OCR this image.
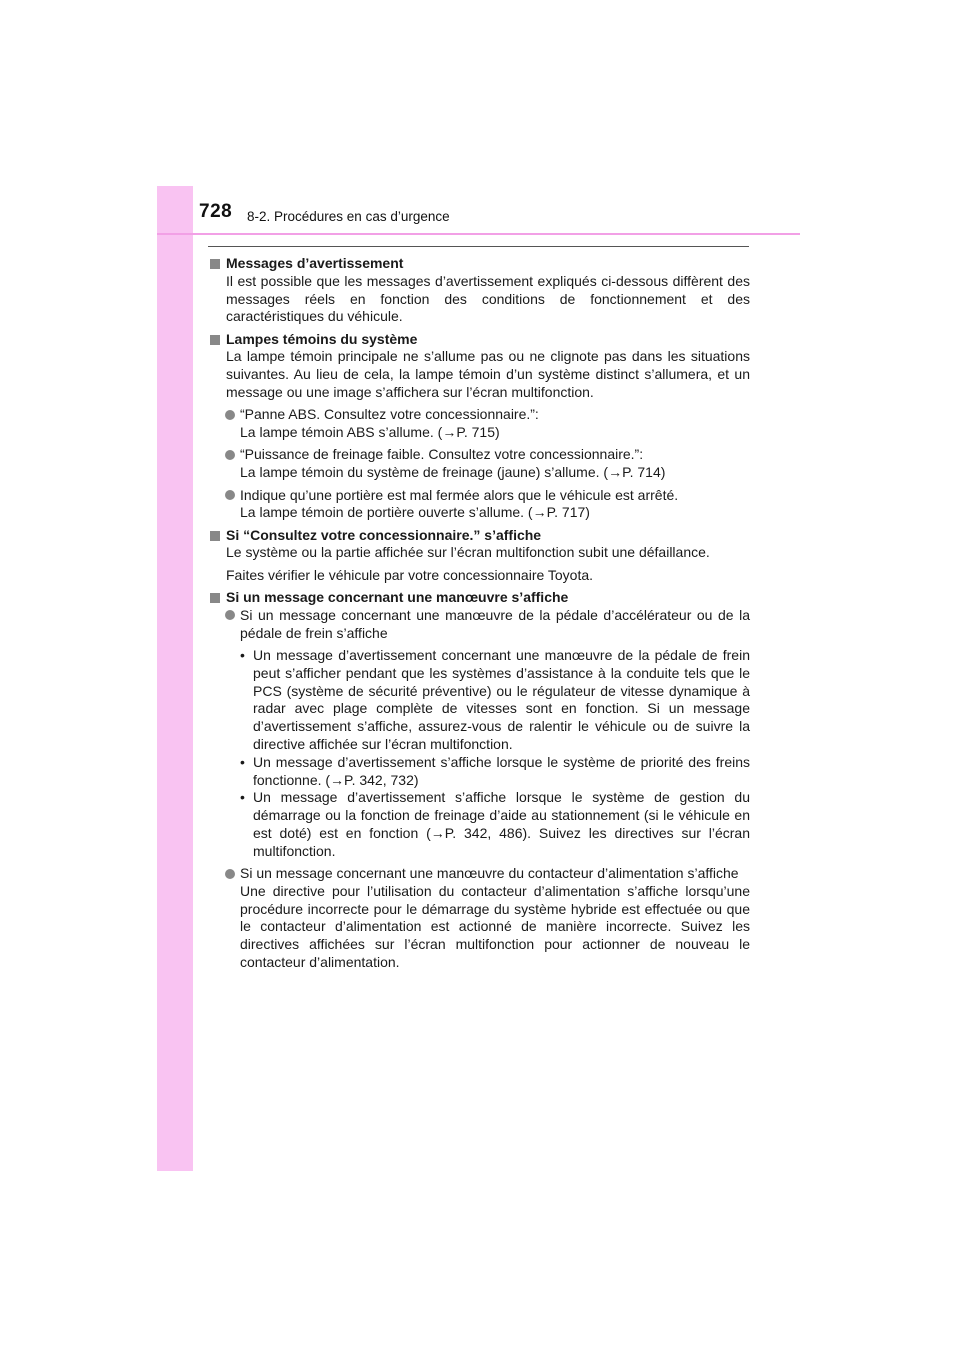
728 8-2. Procédures en cas d’urgence

Messages d’avertissement

Il est possible que les messages d’avertissement expliqués ci-dessous diffèrent des messages réels en fonction des conditions de fonctionnement et des caractéristiques du véhicule.

Lampes témoins du système

La lampe témoin principale ne s’allume pas ou ne clignote pas dans les situations suivantes. Au lieu de cela, la lampe témoin d’un système distinct s’allumera, et un message ou une image s’affichera sur l’écran multifonction.

“Panne ABS. Consultez votre concessionnaire.”:
La lampe témoin ABS s’allume. (→P. 715)
“Puissance de freinage faible. Consultez votre concessionnaire.”:
La lampe témoin du système de freinage (jaune) s’allume. (→P. 714)
Indique qu’une portière est mal fermée alors que le véhicule est arrêté.
La lampe témoin de portière ouverte s’allume. (→P. 717)

Si “Consultez votre concessionnaire.” s’affiche

Le système ou la partie affichée sur l’écran multifonction subit une défaillance.

Faites vérifier le véhicule par votre concessionnaire Toyota.

Si un message concernant une manœuvre s’affiche

Si un message concernant une manœuvre de la pédale d’accélérateur ou de la pédale de frein s’affiche
• Un message d’avertissement concernant une manœuvre de la pédale de frein peut s’afficher pendant que les systèmes d’assistance à la conduite tels que le PCS (système de sécurité préventive) ou le régulateur de vitesse dynamique à radar avec plage complète de vitesses sont en fonction. Si un message d’avertissement s’affiche, assurez-vous de ralentir le véhicule ou de suivre la directive affichée sur l’écran multifonction.
• Un message d’avertissement s’affiche lorsque le système de priorité des freins fonctionne. (→P. 342, 732)
• Un message d’avertissement s’affiche lorsque le système de gestion du démarrage ou la fonction de freinage d’aide au stationnement (si le véhicule en est doté) est en fonction (→P. 342, 486). Suivez les directives sur l’écran multifonction.
Si un message concernant une manœuvre du contacteur d’alimentation s’affiche
Une directive pour l’utilisation du contacteur d’alimentation s’affiche lorsqu’une procédure incorrecte pour le démarrage du système hybride est effectuée ou que le contacteur d’alimentation est actionné de manière incorrecte. Suivez les directives affichées sur l’écran multifonction pour actionner de nouveau le contacteur d’alimentation.
